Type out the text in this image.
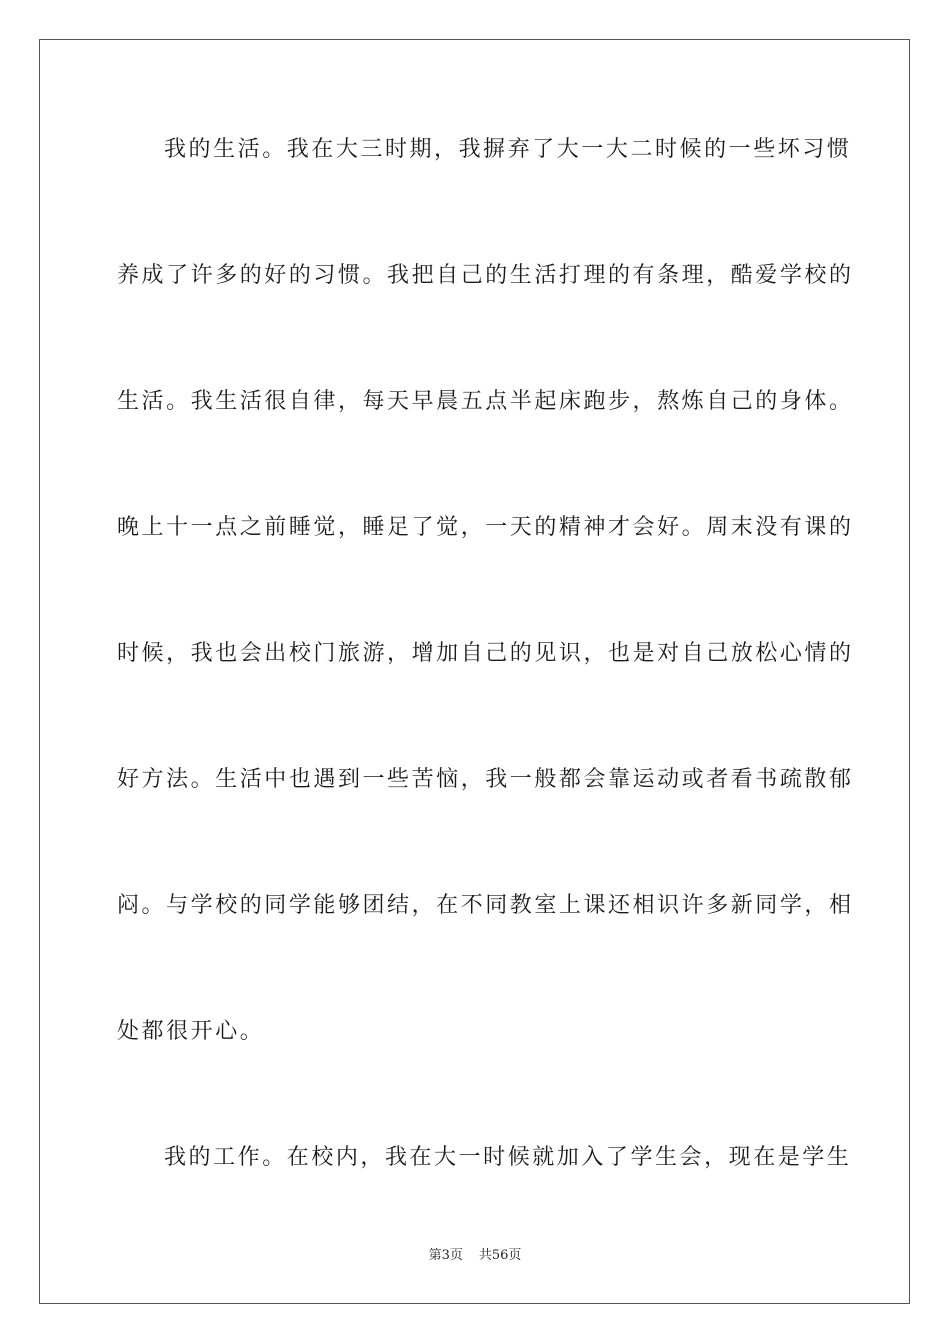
我的生活。我在大三时期，我摒弃了大一大二时候的一些坏习惯

养成了许多的好的习惯。我把自己的生活打理的有条理，酷爱学校的

生活。我生活很自律，每天早晨五点半起床跑步，熬炼自己的身体。

晚上十一点之前睡觉，睡足了觉，一天的精神才会好。周末没有课的

时候，我也会出校门旅游，增加自己的见识，也是对自己放松心情的

好方法。生活中也遇到一些苦恼，我一般都会靠运动或者看书疏散郁

闷。与学校的同学能够团结，在不同教室上课还相识许多新同学，相

处都很开心。

我的工作。在校内，我在大一时候就加入了学生会，现在是学生

第3页 共56页
